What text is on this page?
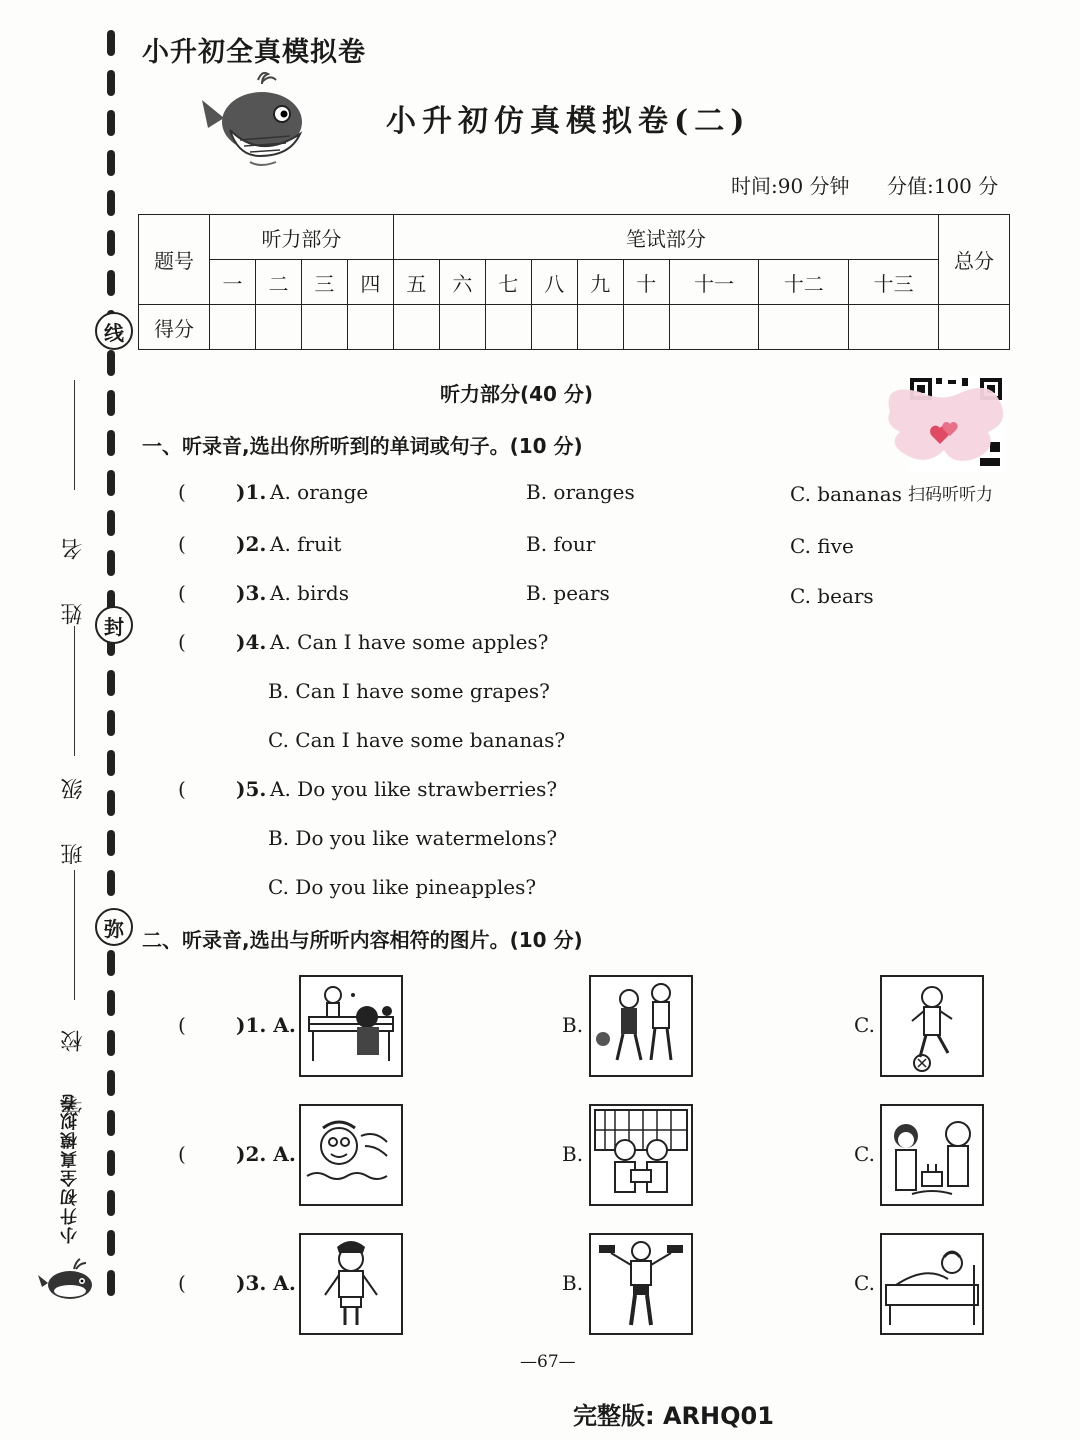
线
封
弥
姓 名
班 级
学 校
小升初全真模拟卷
小升初全真模拟卷
小升初仿真模拟卷(二)
时间:90 分钟 分值:100 分
题号	听力部分				笔试部分									总分
	一	二	三	四	五	六	七	八	九	十	十一	十二	十三	
得分														
听力部分(40 分)
扫码听听力
一、听录音,选出你所听到的单词或句子。(10 分)
(	)1. A. orange	B. oranges	C. bananas
(	)2. A. fruit	B. four	C. five
(	)3. A. birds	B. pears	C. bears
(	)4. A. Can I have some apples?
B. Can I have some grapes?
C. Can I have some bananas?
(	)5. A. Do you like strawberries?
B. Do you like watermelons?
C. Do you like pineapples?
二、听录音,选出与所听内容相符的图片。(10 分)
(	)1. A.	B.	C.
(	)2. A.	B.	C.
(	)3. A.	B.	C.
—67—
完整版: ARHQ01
